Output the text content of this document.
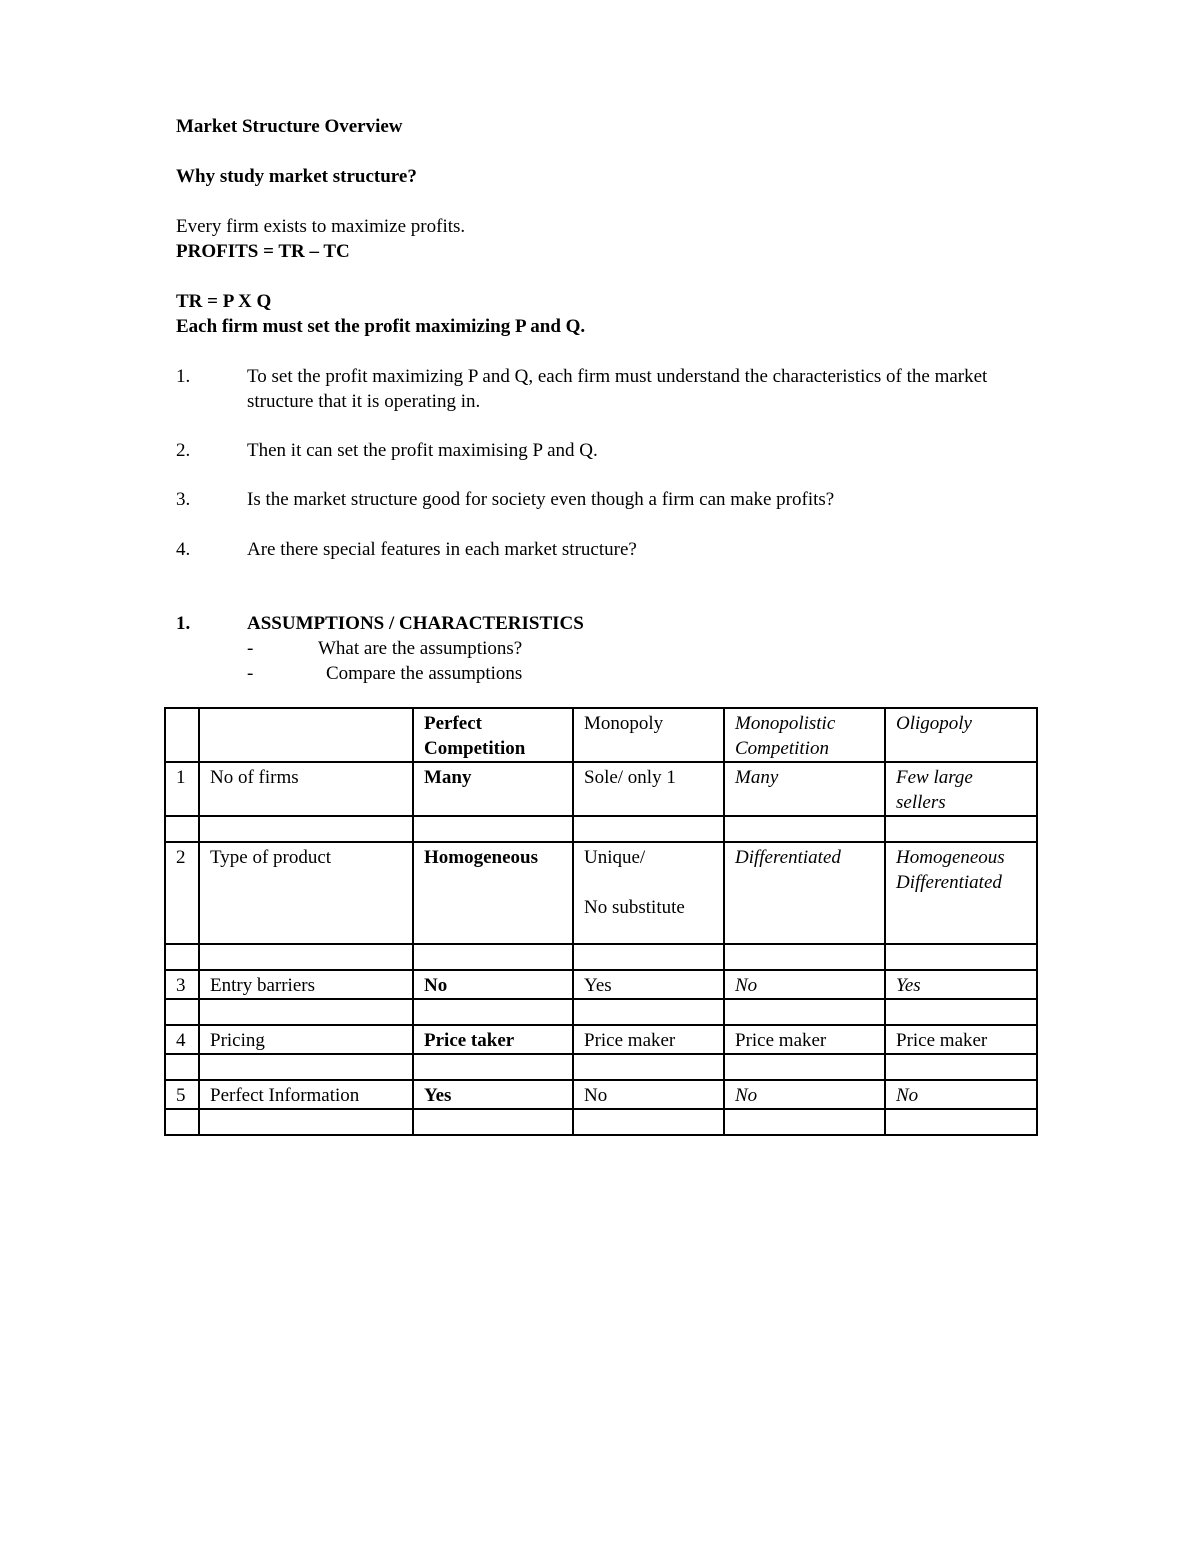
Market Structure Overview
Why study market structure?
Every firm exists to maximize profits.
PROFITS = TR – TC
TR = P X Q
Each firm must set the profit maximizing P and Q.
1.	To set the profit maximizing P and Q, each firm must understand the characteristics of the market structure that it is operating in.
2.	Then it can set the profit maximising P and Q.
3.	Is the market structure good for society even though a firm can make profits?
4.	Are there special features in each market structure?
1.	ASSUMPTIONS / CHARACTERISTICS
-	What are the assumptions?
-	Compare the assumptions
		Perfect Competition	Monopoly	Monopolistic Competition	Oligopoly
1	No of firms	Many	Sole/ only 1	Many	Few large sellers

2	Type of product	Homogeneous	Unique/
No substitute	Differentiated	Homogeneous Differentiated

3	Entry barriers	No	Yes	No	Yes

4	Pricing	Price taker	Price maker	Price maker	Price maker

5	Perfect Information	Yes	No	No	No
